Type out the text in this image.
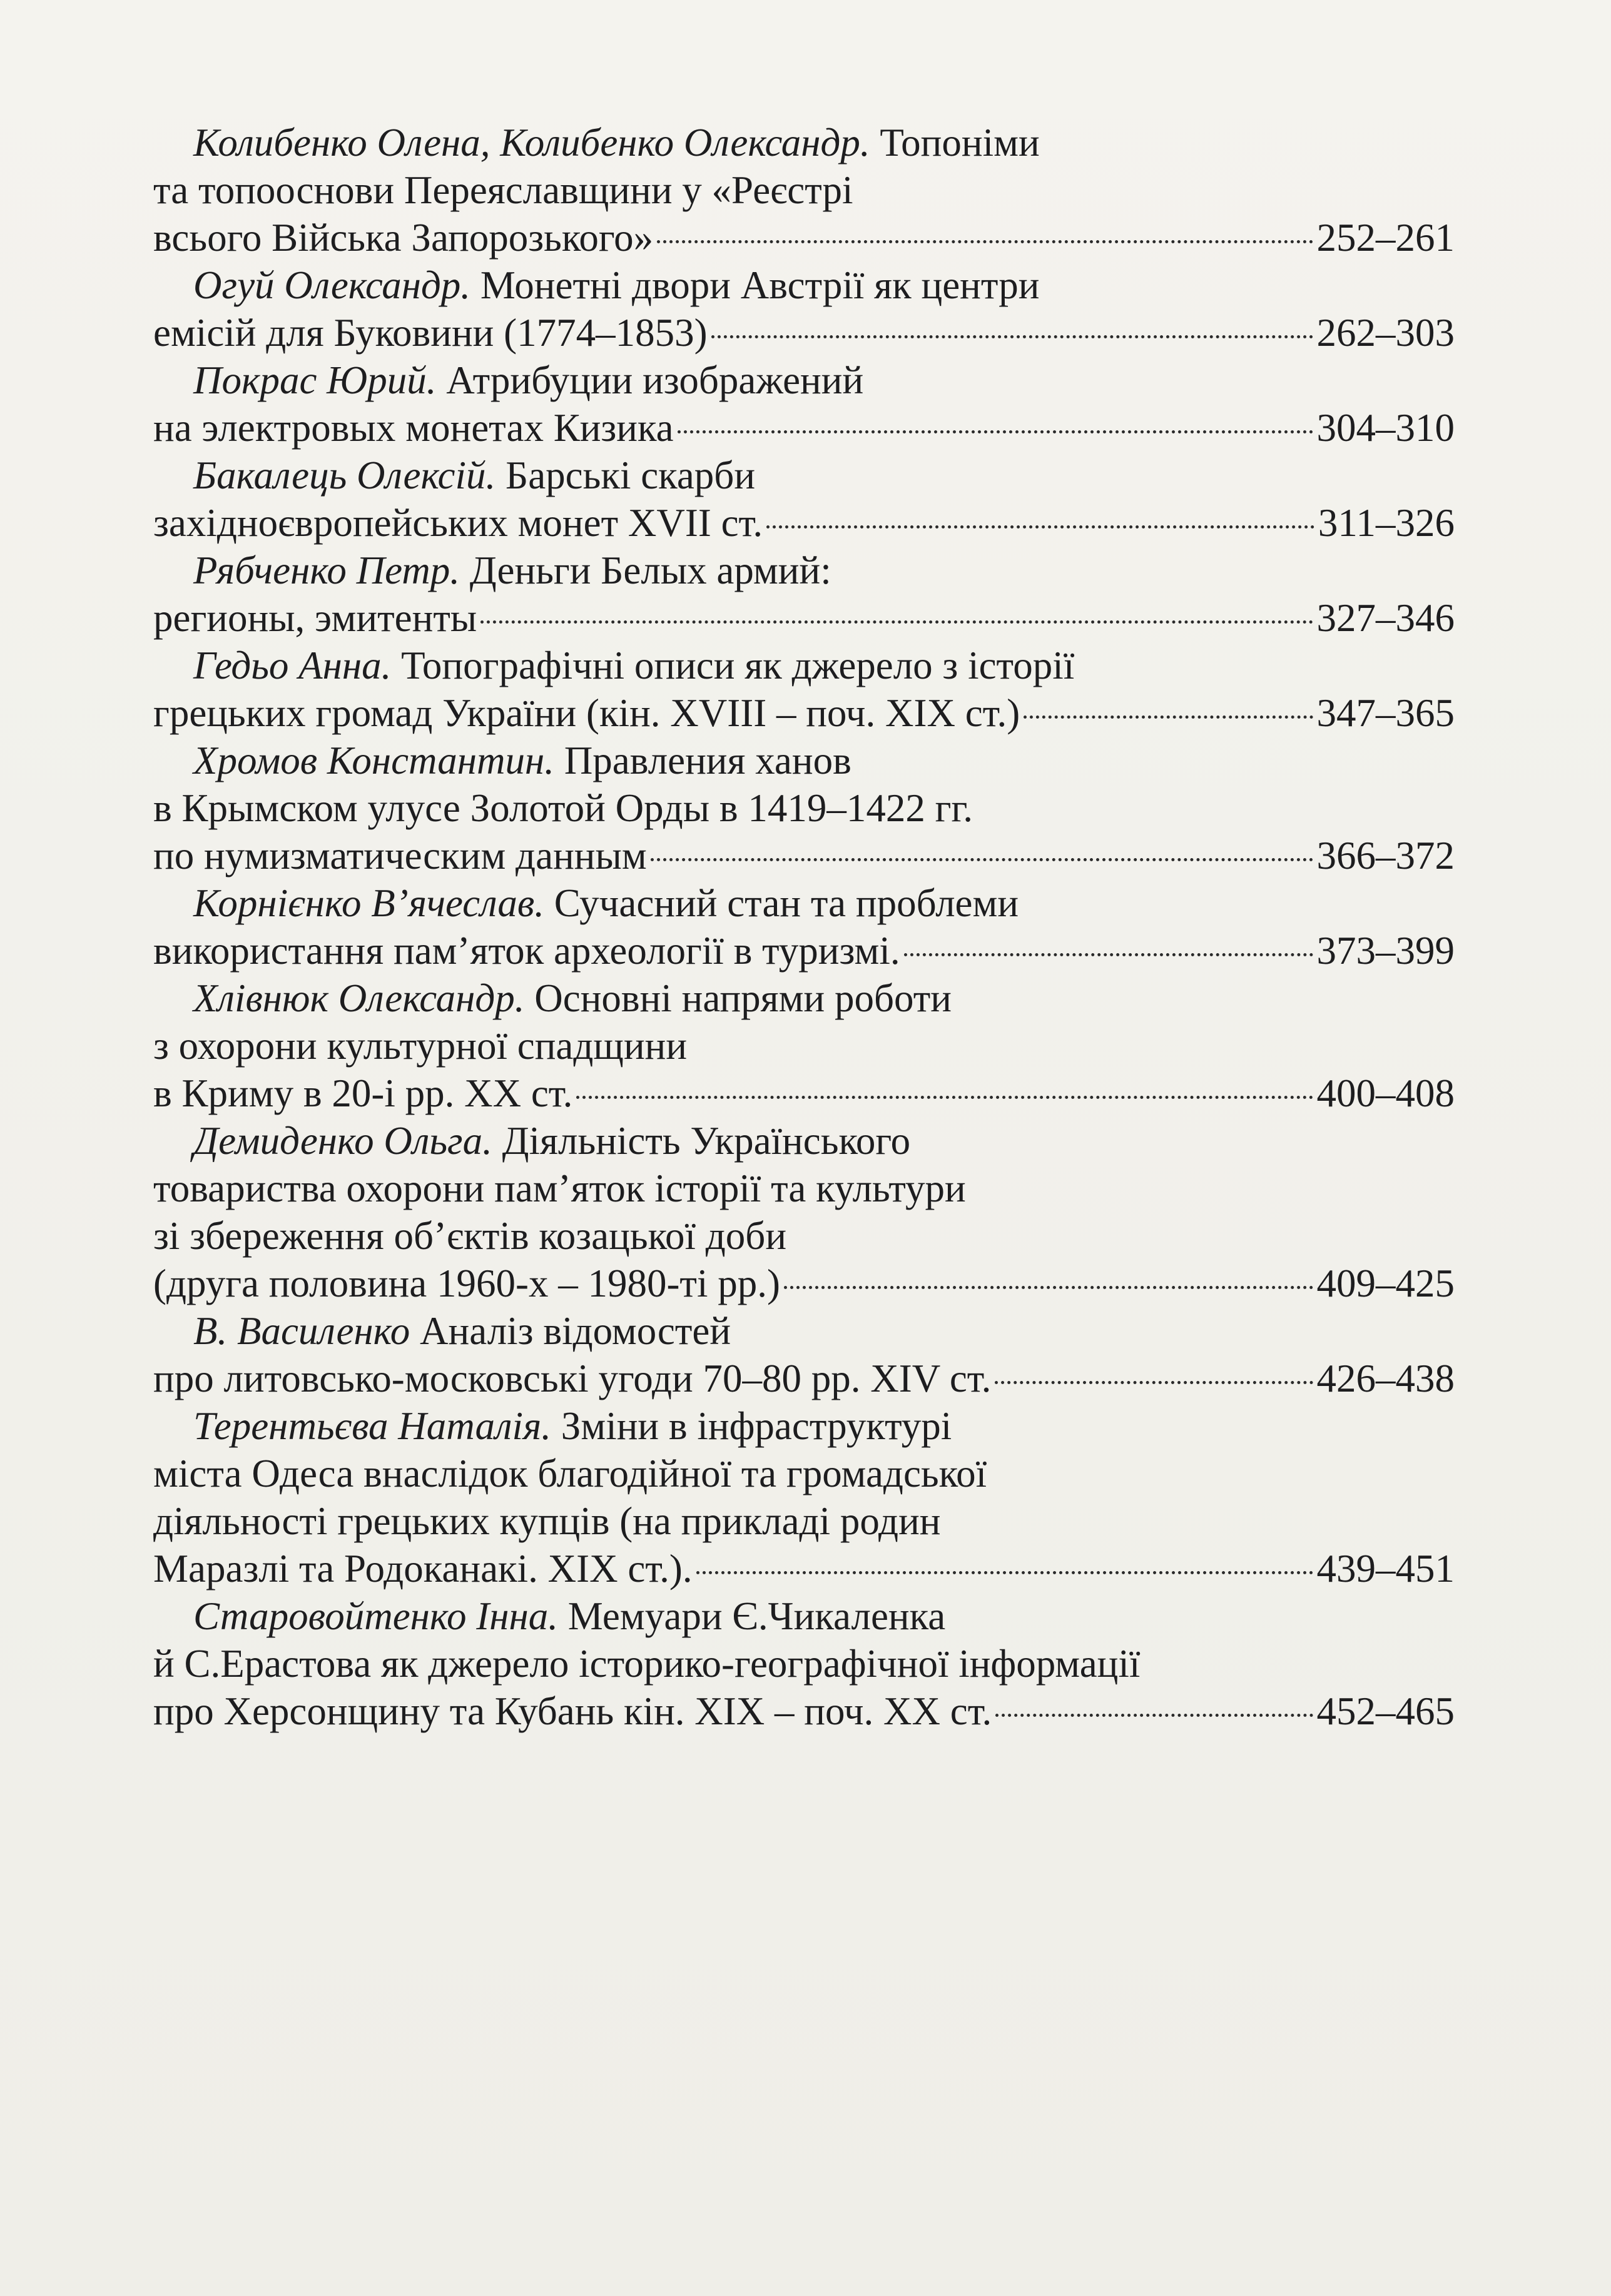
Колибенко Олена, Колибенко Олександр. Топоніми
та топооснови Переяславщини у «Реєстрі
всього Війська Запорозького»	252–261
Огуй Олександр. Монетні двори Австрії як центри
емісій для Буковини (1774–1853)	262–303
Покрас Юрий. Атрибуции изображений
на электровых монетах Кизика	304–310
Бакалець Олексій. Барські скарби
західноєвропейських монет XVII ст.	311–326
Рябченко Петр. Деньги Белых армий:
регионы, эмитенты	327–346
Гедьо Анна. Топографічні описи як джерело з історії
грецьких громад України (кін. XVIII – поч. XIX ст.)	347–365
Хромов Константин. Правления ханов
в Крымском улусе Золотой Орды в 1419–1422 гг.
по нумизматическим данным	366–372
Корнієнко В’ячеслав. Сучасний стан та проблеми
використання пам’яток археології в туризмі.	373–399
Хлівнюк Олександр. Основні напрями роботи
з охорони культурної спадщини
в Криму в 20-і рр. XX ст.	400–408
Демиденко Ольга. Діяльність Українського
товариства охорони пам’яток історії та культури
зі збереження об’єктів козацької доби
(друга половина 1960-х – 1980-ті рр.)	409–425
В. Василенко Аналіз відомостей
про литовсько-московські угоди 70–80 рр. XIV ст.	426–438
Терентьєва Наталія. Зміни в інфраструктурі
міста Одеса внаслідок благодійної та громадської
діяльності грецьких купців (на прикладі родин
Маразлі та Родоканакі. XIX ст.).	439–451
Старовойтенко Інна. Мемуари Є.Чикаленка
й С.Ерастова як джерело історико-географічної інформації
про Херсонщину та Кубань кін. XIX – поч. XX ст.	452–465
